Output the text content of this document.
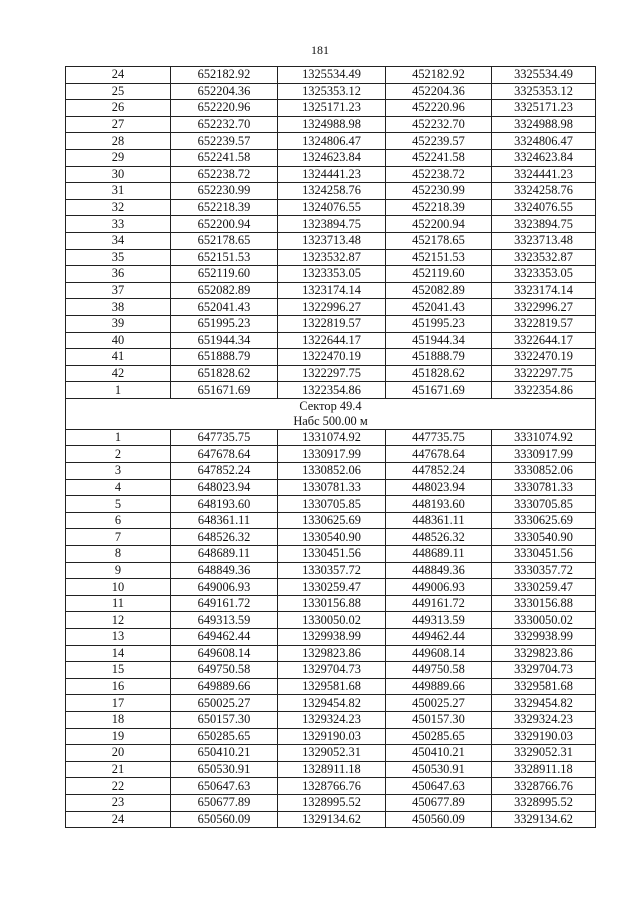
181
24	652182.92	1325534.49	452182.92	3325534.49
25	652204.36	1325353.12	452204.36	3325353.12
26	652220.96	1325171.23	452220.96	3325171.23
27	652232.70	1324988.98	452232.70	3324988.98
28	652239.57	1324806.47	452239.57	3324806.47
29	652241.58	1324623.84	452241.58	3324623.84
30	652238.72	1324441.23	452238.72	3324441.23
31	652230.99	1324258.76	452230.99	3324258.76
32	652218.39	1324076.55	452218.39	3324076.55
33	652200.94	1323894.75	452200.94	3323894.75
34	652178.65	1323713.48	452178.65	3323713.48
35	652151.53	1323532.87	452151.53	3323532.87
36	652119.60	1323353.05	452119.60	3323353.05
37	652082.89	1323174.14	452082.89	3323174.14
38	652041.43	1322996.27	452041.43	3322996.27
39	651995.23	1322819.57	451995.23	3322819.57
40	651944.34	1322644.17	451944.34	3322644.17
41	651888.79	1322470.19	451888.79	3322470.19
42	651828.62	1322297.75	451828.62	3322297.75
1	651671.69	1322354.86	451671.69	3322354.86

Сектор 49.4
Набс 500.00 м				

1	647735.75	1331074.92	447735.75	3331074.92
2	647678.64	1330917.99	447678.64	3330917.99
3	647852.24	1330852.06	447852.24	3330852.06
4	648023.94	1330781.33	448023.94	3330781.33
5	648193.60	1330705.85	448193.60	3330705.85
6	648361.11	1330625.69	448361.11	3330625.69
7	648526.32	1330540.90	448526.32	3330540.90
8	648689.11	1330451.56	448689.11	3330451.56
9	648849.36	1330357.72	448849.36	3330357.72
10	649006.93	1330259.47	449006.93	3330259.47
11	649161.72	1330156.88	449161.72	3330156.88
12	649313.59	1330050.02	449313.59	3330050.02
13	649462.44	1329938.99	449462.44	3329938.99
14	649608.14	1329823.86	449608.14	3329823.86
15	649750.58	1329704.73	449750.58	3329704.73
16	649889.66	1329581.68	449889.66	3329581.68
17	650025.27	1329454.82	450025.27	3329454.82
18	650157.30	1329324.23	450157.30	3329324.23
19	650285.65	1329190.03	450285.65	3329190.03
20	650410.21	1329052.31	450410.21	3329052.31
21	650530.91	1328911.18	450530.91	3328911.18
22	650647.63	1328766.76	450647.63	3328766.76
23	650677.89	1328995.52	450677.89	3328995.52
24	650560.09	1329134.62	450560.09	3329134.62
